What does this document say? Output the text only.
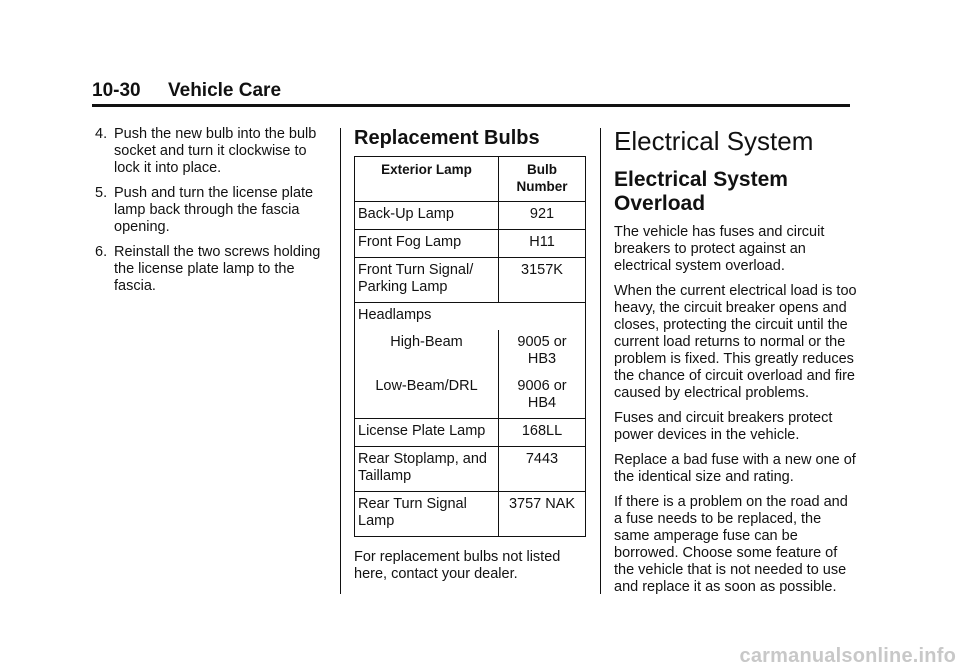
10-30 Vehicle Care
4. Push the new bulb into the bulb socket and turn it clockwise to lock it into place.
5. Push and turn the license plate lamp back through the fascia opening.
6. Reinstall the two screws holding the license plate lamp to the fascia.
Replacement Bulbs
Exterior Lamp	Bulb Number
Back-Up Lamp	921
Front Fog Lamp	H11
Front Turn Signal/ Parking Lamp	3157K
Headlamps	
High-Beam	9005 or HB3
Low-Beam/DRL	9006 or HB4
License Plate Lamp	168LL
Rear Stoplamp, and Taillamp	7443
Rear Turn Signal Lamp	3757 NAK

For replacement bulbs not listed here, contact your dealer.

Electrical System
Electrical System Overload

The vehicle has fuses and circuit breakers to protect against an electrical system overload.

When the current electrical load is too heavy, the circuit breaker opens and closes, protecting the circuit until the current load returns to normal or the problem is fixed. This greatly reduces the chance of circuit overload and fire caused by electrical problems.

Fuses and circuit breakers protect power devices in the vehicle.

Replace a bad fuse with a new one of the identical size and rating.

If there is a problem on the road and a fuse needs to be replaced, the same amperage fuse can be borrowed. Choose some feature of the vehicle that is not needed to use and replace it as soon as possible.

carmanualsonline.info
